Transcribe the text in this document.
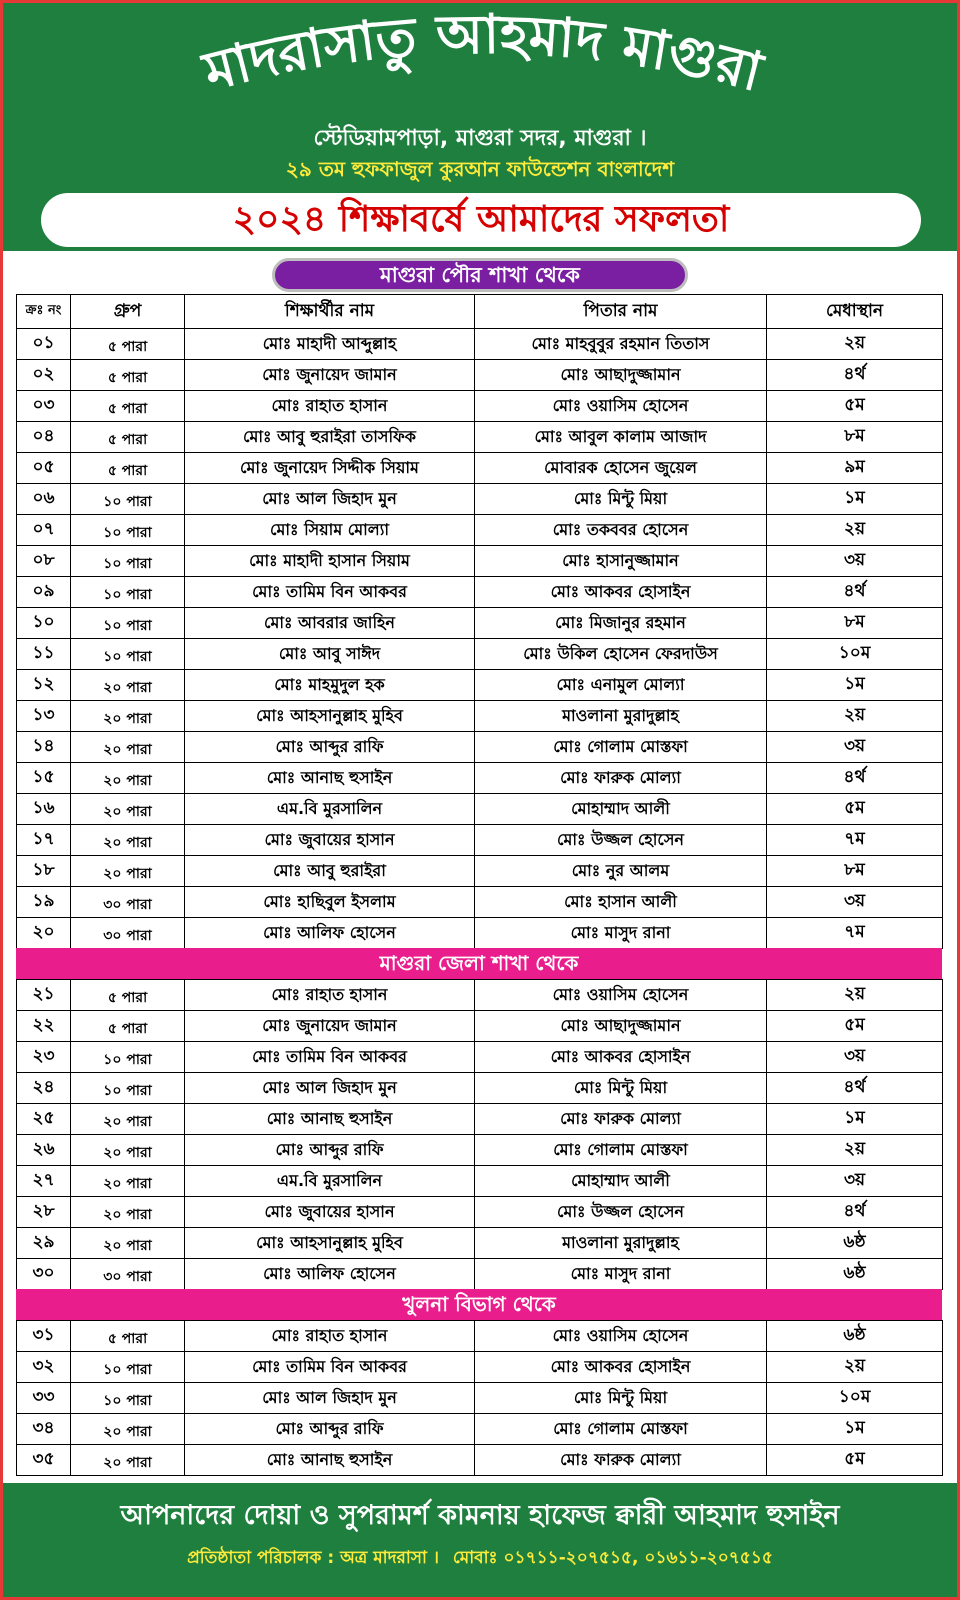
মাদরাসাতু আহমাদ মাগুরা
স্টেডিয়ামপাড়া, মাগুরা সদর, মাগুরা ।
২৯ তম হুফফাজুল কুরআন ফাউন্ডেশন বাংলাদেশ
২০২৪ শিক্ষাবর্ষে আমাদের সফলতা
মাগুরা পৌর শাখা থেকে
ক্রঃ নং	গ্রুপ	শিক্ষার্থীর নাম	পিতার নাম	মেধাস্থান
০১	৫ পারা	মোঃ মাহাদী আব্দুল্লাহ	মোঃ মাহবুবুর রহমান তিতাস	২য়
০২	৫ পারা	মোঃ জুনায়েদ জামান	মোঃ আছাদুজ্জামান	৪র্থ
০৩	৫ পারা	মোঃ রাহাত হাসান	মোঃ ওয়াসিম হোসেন	৫ম
০৪	৫ পারা	মোঃ আবু হুরাইরা তাসফিক	মোঃ আবুল কালাম আজাদ	৮ম
০৫	৫ পারা	মোঃ জুনায়েদ সিদ্দীক সিয়াম	মোবারক হোসেন জুয়েল	৯ম
০৬	১০ পারা	মোঃ আল জিহাদ মুন	মোঃ মিন্টু মিয়া	১ম
০৭	১০ পারা	মোঃ সিয়াম মোল্যা	মোঃ তকববর হোসেন	২য়
০৮	১০ পারা	মোঃ মাহাদী হাসান সিয়াম	মোঃ হাসানুজ্জামান	৩য়
০৯	১০ পারা	মোঃ তামিম বিন আকবর	মোঃ আকবর হোসাইন	৪র্থ
১০	১০ পারা	মোঃ আবরার জাহিন	মোঃ মিজানুর রহমান	৮ম
১১	১০ পারা	মোঃ আবু সাঈদ	মোঃ উকিল হোসেন ফেরদাউস	১০ম
১২	২০ পারা	মোঃ মাহমুদুল হক	মোঃ এনামুল মোল্যা	১ম
১৩	২০ পারা	মোঃ আহসানুল্লাহ মুহিব	মাওলানা মুরাদুল্লাহ	২য়
১৪	২০ পারা	মোঃ আব্দুর রাফি	মোঃ গোলাম মোস্তফা	৩য়
১৫	২০ পারা	মোঃ আনাছ হুসাইন	মোঃ ফারুক মোল্যা	৪র্থ
১৬	২০ পারা	এম.বি মুরসালিন	মোহাম্মাদ আলী	৫ম
১৭	২০ পারা	মোঃ জুবায়ের হাসান	মোঃ উজ্জল হোসেন	৭ম
১৮	২০ পারা	মোঃ আবু হুরাইরা	মোঃ নুর আলম	৮ম
১৯	৩০ পারা	মোঃ হাছিবুল ইসলাম	মোঃ হাসান আলী	৩য়
২০	৩০ পারা	মোঃ আলিফ হোসেন	মোঃ মাসুদ রানা	৭ম
মাগুরা জেলা শাখা থেকে
২১	৫ পারা	মোঃ রাহাত হাসান	মোঃ ওয়াসিম হোসেন	২য়
২২	৫ পারা	মোঃ জুনায়েদ জামান	মোঃ আছাদুজ্জামান	৫ম
২৩	১০ পারা	মোঃ তামিম বিন আকবর	মোঃ আকবর হোসাইন	৩য়
২৪	১০ পারা	মোঃ আল জিহাদ মুন	মোঃ মিন্টু মিয়া	৪র্থ
২৫	২০ পারা	মোঃ আনাছ হুসাইন	মোঃ ফারুক মোল্যা	১ম
২৬	২০ পারা	মোঃ আব্দুর রাফি	মোঃ গোলাম মোস্তফা	২য়
২৭	২০ পারা	এম.বি মুরসালিন	মোহাম্মাদ আলী	৩য়
২৮	২০ পারা	মোঃ জুবায়ের হাসান	মোঃ উজ্জল হোসেন	৪র্থ
২৯	২০ পারা	মোঃ আহসানুল্লাহ মুহিব	মাওলানা মুরাদুল্লাহ	৬ষ্ঠ
৩০	৩০ পারা	মোঃ আলিফ হোসেন	মোঃ মাসুদ রানা	৬ষ্ঠ
খুলনা বিভাগ থেকে
৩১	৫ পারা	মোঃ রাহাত হাসান	মোঃ ওয়াসিম হোসেন	৬ষ্ঠ
৩২	১০ পারা	মোঃ তামিম বিন আকবর	মোঃ আকবর হোসাইন	২য়
৩৩	১০ পারা	মোঃ আল জিহাদ মুন	মোঃ মিন্টু মিয়া	১০ম
৩৪	২০ পারা	মোঃ আব্দুর রাফি	মোঃ গোলাম মোস্তফা	১ম
৩৫	২০ পারা	মোঃ আনাছ হুসাইন	মোঃ ফারুক মোল্যা	৫ম
আপনাদের দোয়া ও সুপরামর্শ কামনায় হাফেজ ক্বারী আহমাদ হুসাইন
প্রতিষ্ঠাতা পরিচালক : অত্র মাদরাসা । মোবাঃ ০১৭১১-২০৭৫১৫, ০১৬১১-২০৭৫১৫
